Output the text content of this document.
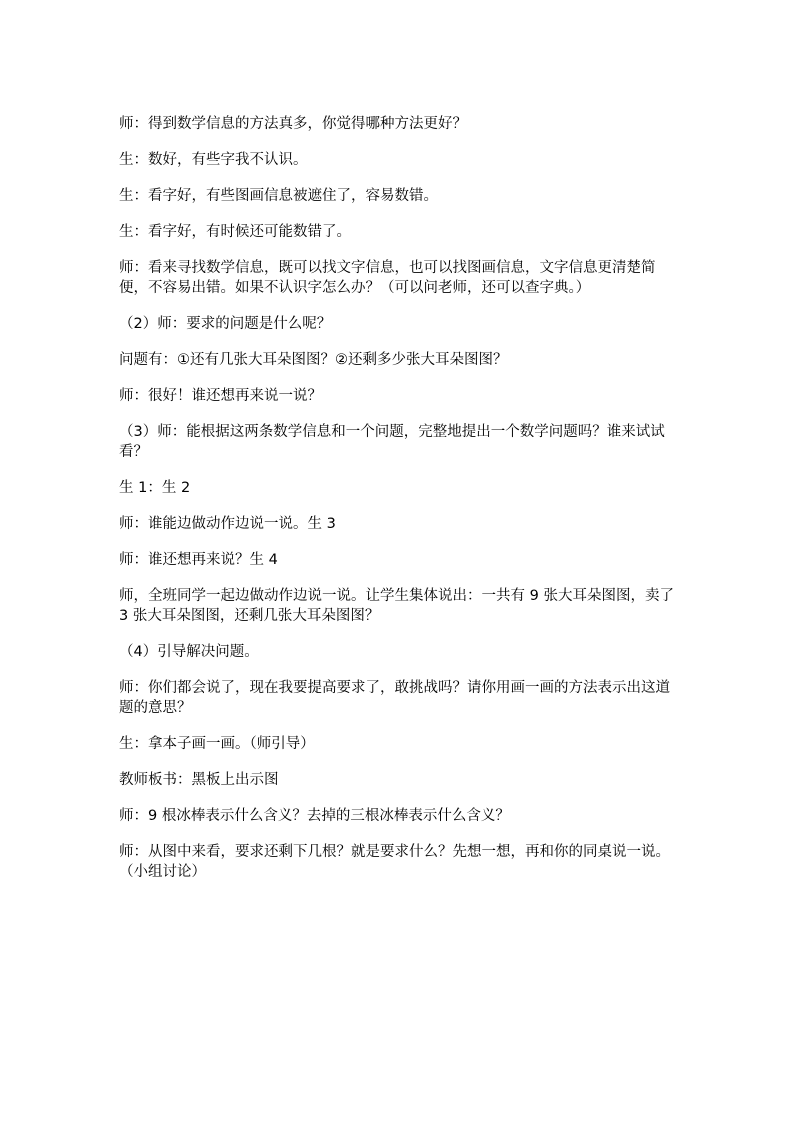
师：得到数学信息的方法真多，你觉得哪种方法更好？

生：数好，有些字我不认识。

生：看字好，有些图画信息被遮住了，容易数错。

生：看字好，有时候还可能数错了。

师：看来寻找数学信息，既可以找文字信息，也可以找图画信息，文字信息更清楚简便，不容易出错。如果不认识字怎么办？（可以问老师，还可以查字典。）

（2）师：要求的问题是什么呢？

问题有：①还有几张大耳朵图图？②还剩多少张大耳朵图图？

师：很好！谁还想再来说一说？

（3）师：能根据这两条数学信息和一个问题，完整地提出一个数学问题吗？谁来试试看？

生 1：生 2

师：谁能边做动作边说一说。生 3

师：谁还想再来说？生 4

师，全班同学一起边做动作边说一说。让学生集体说出：一共有 9 张大耳朵图图，卖了 3 张大耳朵图图，还剩几张大耳朵图图？

（4）引导解决问题。

师：你们都会说了，现在我要提高要求了，敢挑战吗？请你用画一画的方法表示出这道题的意思？

生：拿本子画一画。（师引导）

教师板书：黑板上出示图

师：9 根冰棒表示什么含义？去掉的三根冰棒表示什么含义？

师：从图中来看，要求还剩下几根？就是要求什么？先想一想，再和你的同桌说一说。（小组讨论）
